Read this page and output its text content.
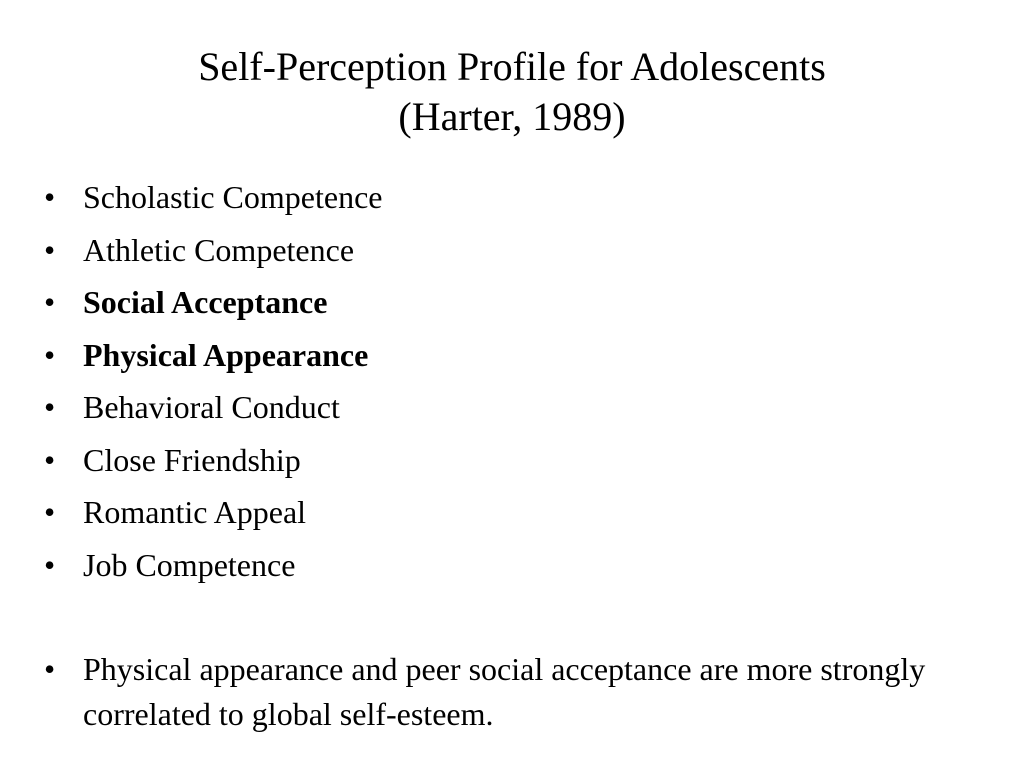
Self-Perception Profile for Adolescents
(Harter, 1989)
• Scholastic Competence
• Athletic Competence
• Social Acceptance
• Physical Appearance
• Behavioral Conduct
• Close Friendship
• Romantic Appeal
• Job Competence
• Physical appearance and peer social acceptance are more strongly correlated to global self-esteem.
